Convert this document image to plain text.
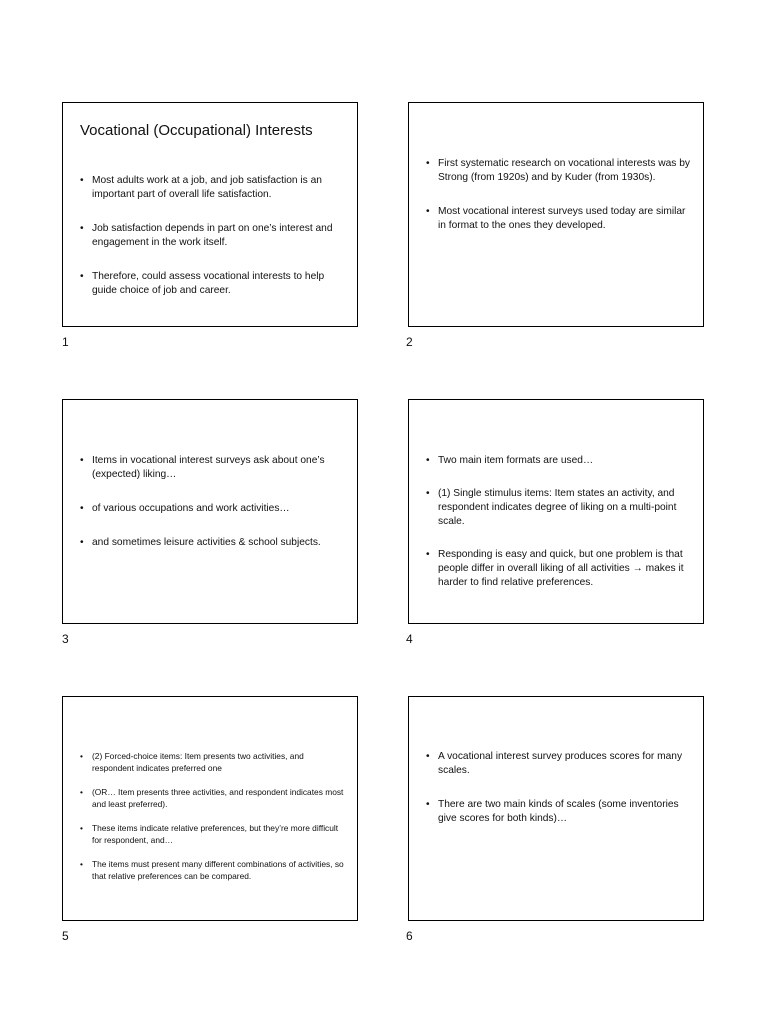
Vocational (Occupational) Interests
• Most adults work at a job, and job satisfaction is an important part of overall life satisfaction.
• Job satisfaction depends in part on one’s interest and engagement in the work itself.
• Therefore, could assess vocational interests to help guide choice of job and career.
1
• First systematic research on vocational interests was by Strong (from 1920s) and by Kuder (from 1930s).
• Most vocational interest surveys used today are similar in format to the ones they developed.
2
• Items in vocational interest surveys ask about one’s (expected) liking…
• of various occupations and work activities…
• and sometimes leisure activities & school subjects.
3
• Two main item formats are used…
• (1) Single stimulus items: Item states an activity, and respondent indicates degree of liking on a multi-point scale.
• Responding is easy and quick, but one problem is that people differ in overall liking of all activities → makes it harder to find relative preferences.
4
• (2) Forced-choice items: Item presents two activities, and respondent indicates preferred one
• (OR… Item presents three activities, and respondent indicates most and least preferred).
• These items indicate relative preferences, but they’re more difficult for respondent, and…
• The items must present many different combinations of activities, so that relative preferences can be compared.
5
• A vocational interest survey produces scores for many scales.
• There are two main kinds of scales (some inventories give scores for both kinds)…
6
